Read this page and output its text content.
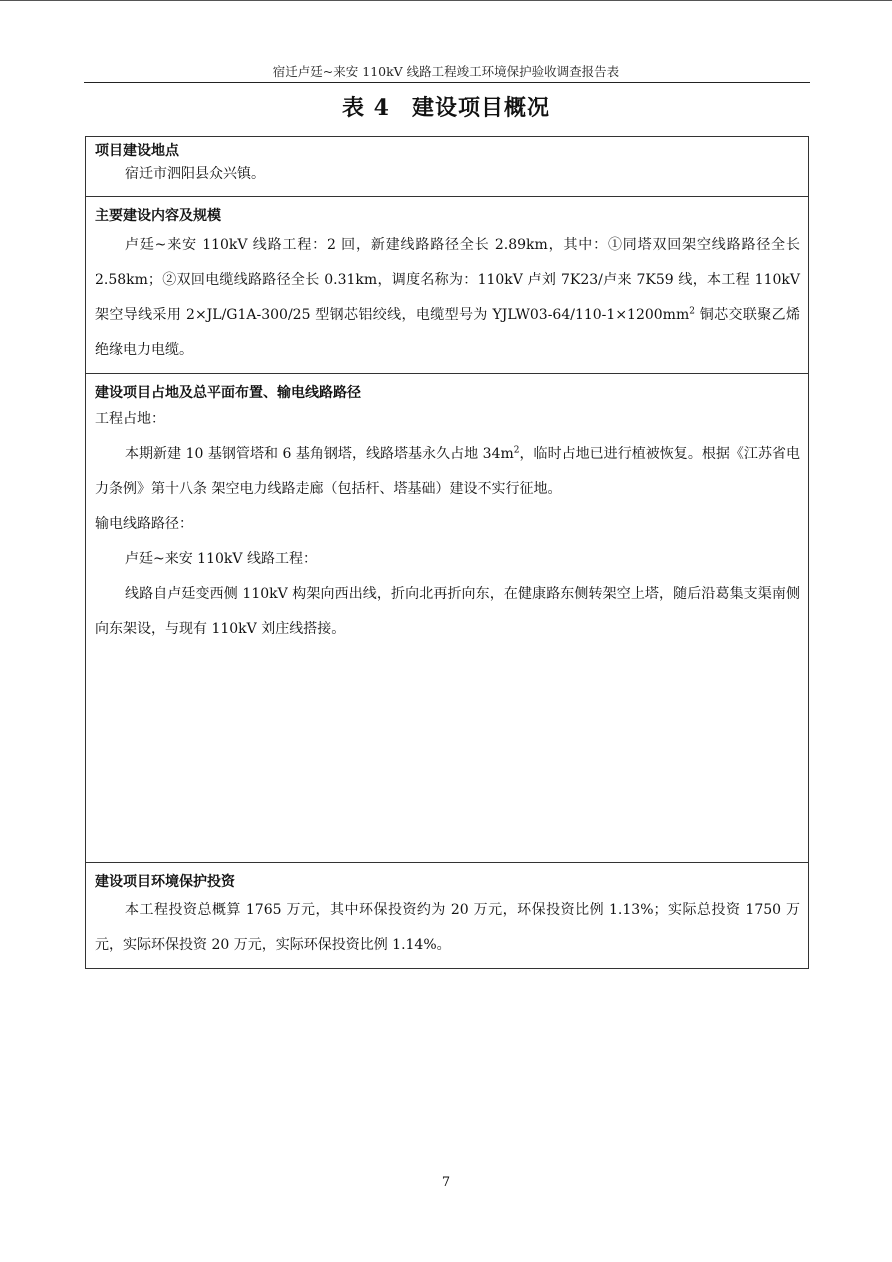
宿迁卢廷~来安 110kV 线路工程竣工环境保护验收调查报告表
表 4 建设项目概况
项目建设地点
宿迁市泗阳县众兴镇。
主要建设内容及规模
卢廷~来安 110kV 线路工程：2 回，新建线路路径全长 2.89km，其中：①同塔双回架空线路路径全长 2.58km；②双回电缆线路路径全长 0.31km，调度名称为：110kV 卢刘 7K23/卢来 7K59 线，本工程 110kV 架空导线采用 2×JL/G1A-300/25 型钢芯铝绞线，电缆型号为 $YJLW03-64/110-1\times 1200mm^2$ 铜芯交联聚乙烯绝缘电力电缆。
建设项目占地及总平面布置、输电线路路径
工程占地：
本期新建 10 基钢管塔和 6 基角钢塔，线路塔基永久占地 $34m^2$，临时占地已进行植被恢复。根据《江苏省电力条例》第十八条 架空电力线路走廊（包括杆、塔基础）建设不实行征地。
输电线路路径：
卢廷~来安 110kV 线路工程：
线路自卢廷变西侧 110kV 构架向西出线，折向北再折向东，在健康路东侧转架空上塔，随后沿葛集支渠南侧向东架设，与现有 110kV 刘庄线搭接。
建设项目环境保护投资
本工程投资总概算 1765 万元，其中环保投资约为 20 万元，环保投资比例 1.13%；实际总投资 1750 万元，实际环保投资 20 万元，实际环保投资比例 1.14%。
7
